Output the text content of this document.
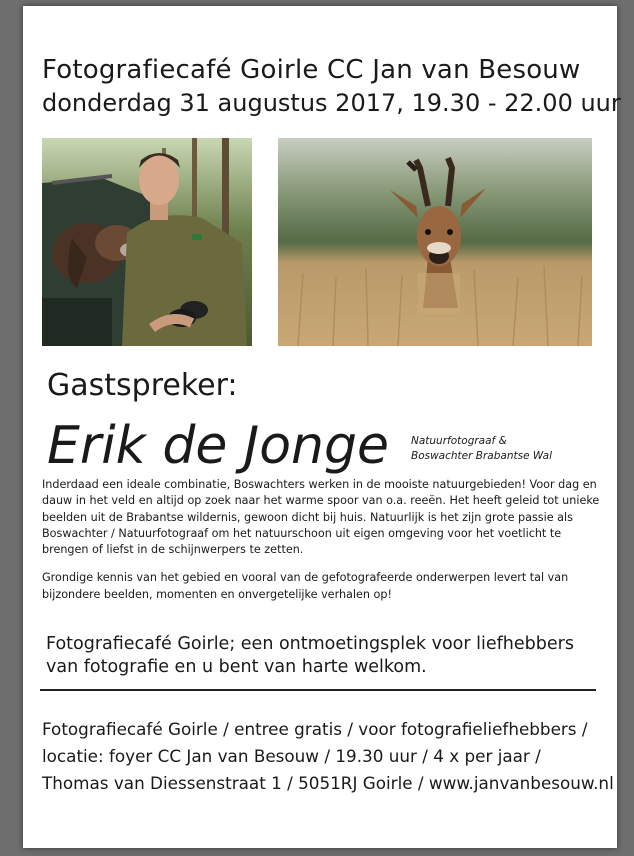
Fotografiecafé Goirle CC Jan van Besouw
donderdag 31 augustus 2017, 19.30 - 22.00 uur
Gastspreker:
Erik de Jonge Natuurfotograaf &
Boswachter Brabantse Wal

Inderdaad een ideale combinatie, Boswachters werken in de mooiste natuurgebieden! Voor dag en dauw in het veld en altijd op zoek naar het warme spoor van o.a. reeën. Het heeft geleid tot unieke beelden uit de Brabantse wildernis, gewoon dicht bij huis. Natuurlijk is het zijn grote passie als Boswachter / Natuurfotograaf om het natuurschoon uit eigen omgeving voor het voetlicht te brengen of liefst in de schijnwerpers te zetten.

Grondige kennis van het gebied en vooral van de gefotografeerde onderwerpen levert tal van bijzondere beelden, momenten en onvergetelijke verhalen op!

Fotografiecafé Goirle; een ontmoetingsplek voor liefhebbers van fotografie en u bent van harte welkom.
Fotografiecafé Goirle / entree gratis / voor fotografieliefhebbers /
locatie: foyer CC Jan van Besouw / 19.30 uur / 4 x per jaar /
Thomas van Diessenstraat 1 / 5051RJ Goirle / www.janvanbesouw.nl
